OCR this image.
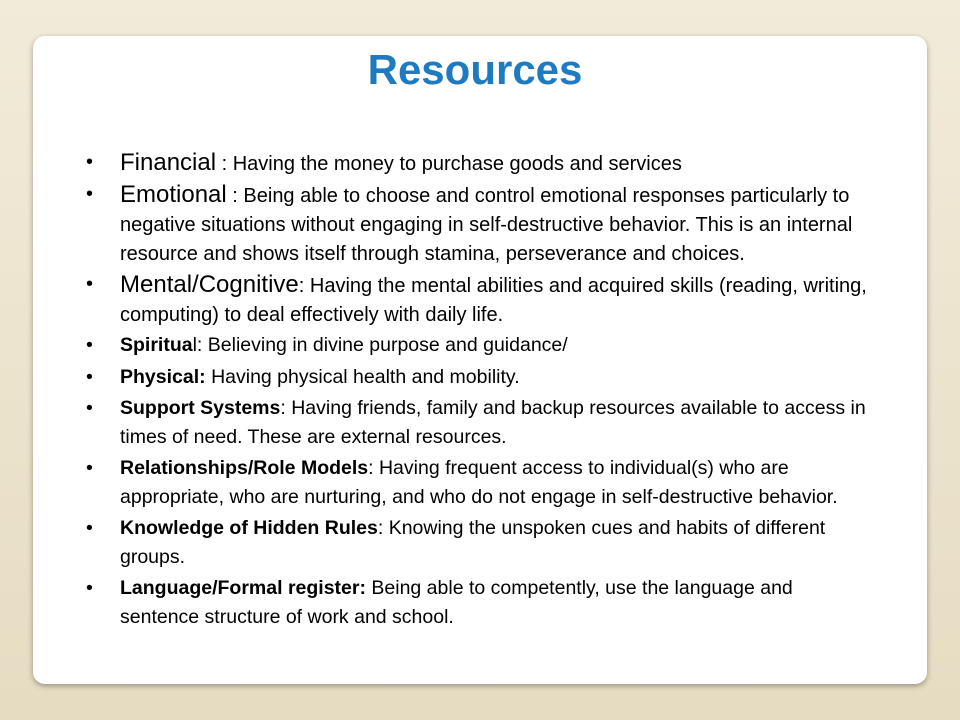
Resources
• Financial : Having the money to purchase goods and services
• Emotional : Being able to choose and control emotional responses particularly to negative situations without engaging in self-destructive behavior. This is an internal resource and shows itself through stamina, perseverance and choices.
• Mental/Cognitive: Having the mental abilities and acquired skills (reading, writing, computing) to deal effectively with daily life.
• Spiritual: Believing in divine purpose and guidance/
• Physical: Having physical health and mobility.
• Support Systems: Having friends, family and backup resources available to access in times of need. These are external resources.
• Relationships/Role Models: Having frequent access to individual(s) who are appropriate, who are nurturing, and who do not engage in self-destructive behavior.
• Knowledge of Hidden Rules: Knowing the unspoken cues and habits of different groups.
• Language/Formal register: Being able to competently, use the language and sentence structure of work and school.
